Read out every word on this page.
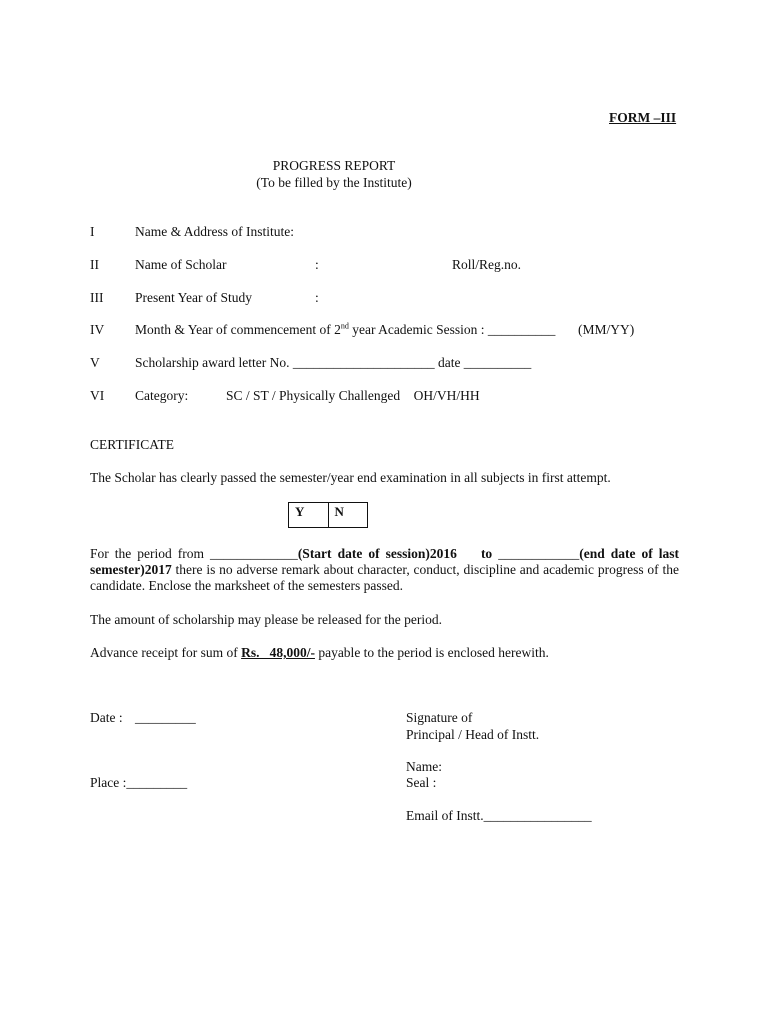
FORM –III
PROGRESS REPORT
(To be filled by the Institute)
I	Name & Address of Institute:
II	Name of Scholar	:	Roll/Reg.no.
III Present Year of Study	:
IV Month & Year of commencement of 2nd year Academic Session : __________ (MM/YY)
V	Scholarship award letter No. _____________________ date __________
VI Category:	SC / ST / Physically Challenged    OH/VH/HH
CERTIFICATE
The Scholar has clearly passed the semester/year end examination in all subjects in first attempt.
Y	N
For the period from _____________(Start date of session)2016 to ____________(end date of last semester)2017 there is no adverse remark about character, conduct, discipline and academic progress of the candidate. Enclose the marksheet of the semesters passed.
The amount of scholarship may please be released for the period.
Advance receipt for sum of Rs. _48,000/- payable to the period is enclosed herewith.
Date : _________
Place :_________
Signature of
Principal / Head of Instt.
Name:
Seal :
Email of Instt.________________
